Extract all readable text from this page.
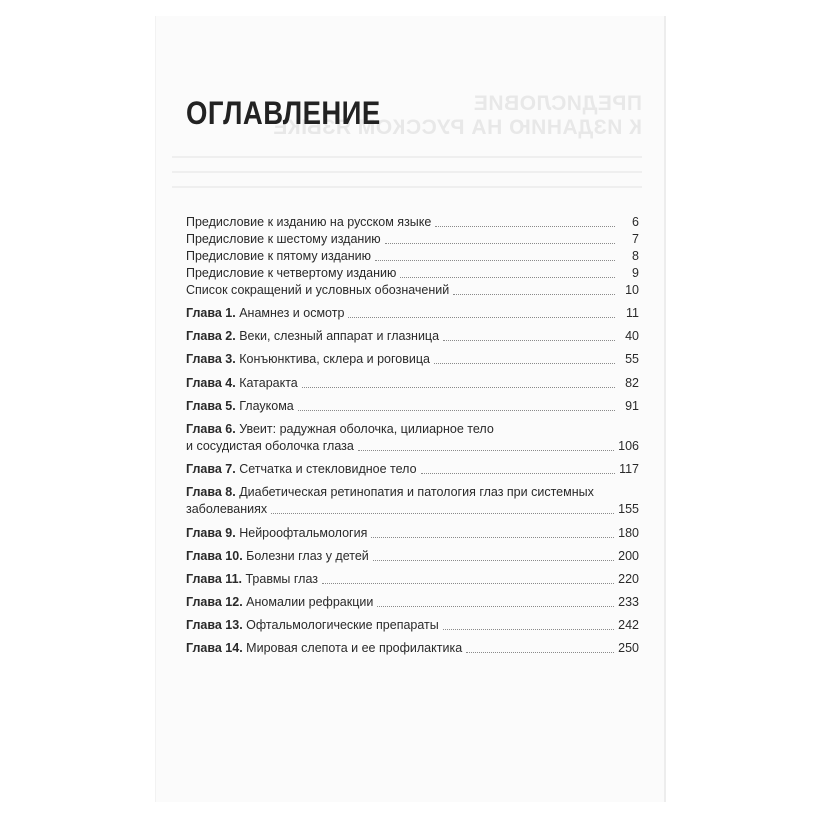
ПРЕДИСЛОВИЕ
К ИЗДАНИЮ НА РУССКОМ ЯЗЫКЕ
ОГЛАВЛЕНИЕ
Предисловие к изданию на русском языке	6
Предисловие к шестому изданию	7
Предисловие к пятому изданию	8
Предисловие к четвертому изданию	9
Список сокращений и условных обозначений	10
Глава 1. Анамнез и осмотр	11
Глава 2. Веки, слезный аппарат и глазница	40
Глава 3. Конъюнктива, склера и роговица	55
Глава 4. Катаракта	82
Глава 5. Глаукома	91
Глава 6. Увеит: радужная оболочка, цилиарное тело
и сосудистая оболочка глаза	106
Глава 7. Сетчатка и стекловидное тело	117
Глава 8. Диабетическая ретинопатия и патология глаз при системных
заболеваниях	155
Глава 9. Нейроофтальмология	180
Глава 10. Болезни глаз у детей	200
Глава 11. Травмы глаз	220
Глава 12. Аномалии рефракции	233
Глава 13. Офтальмологические препараты	242
Глава 14. Мировая слепота и ее профилактика	250
